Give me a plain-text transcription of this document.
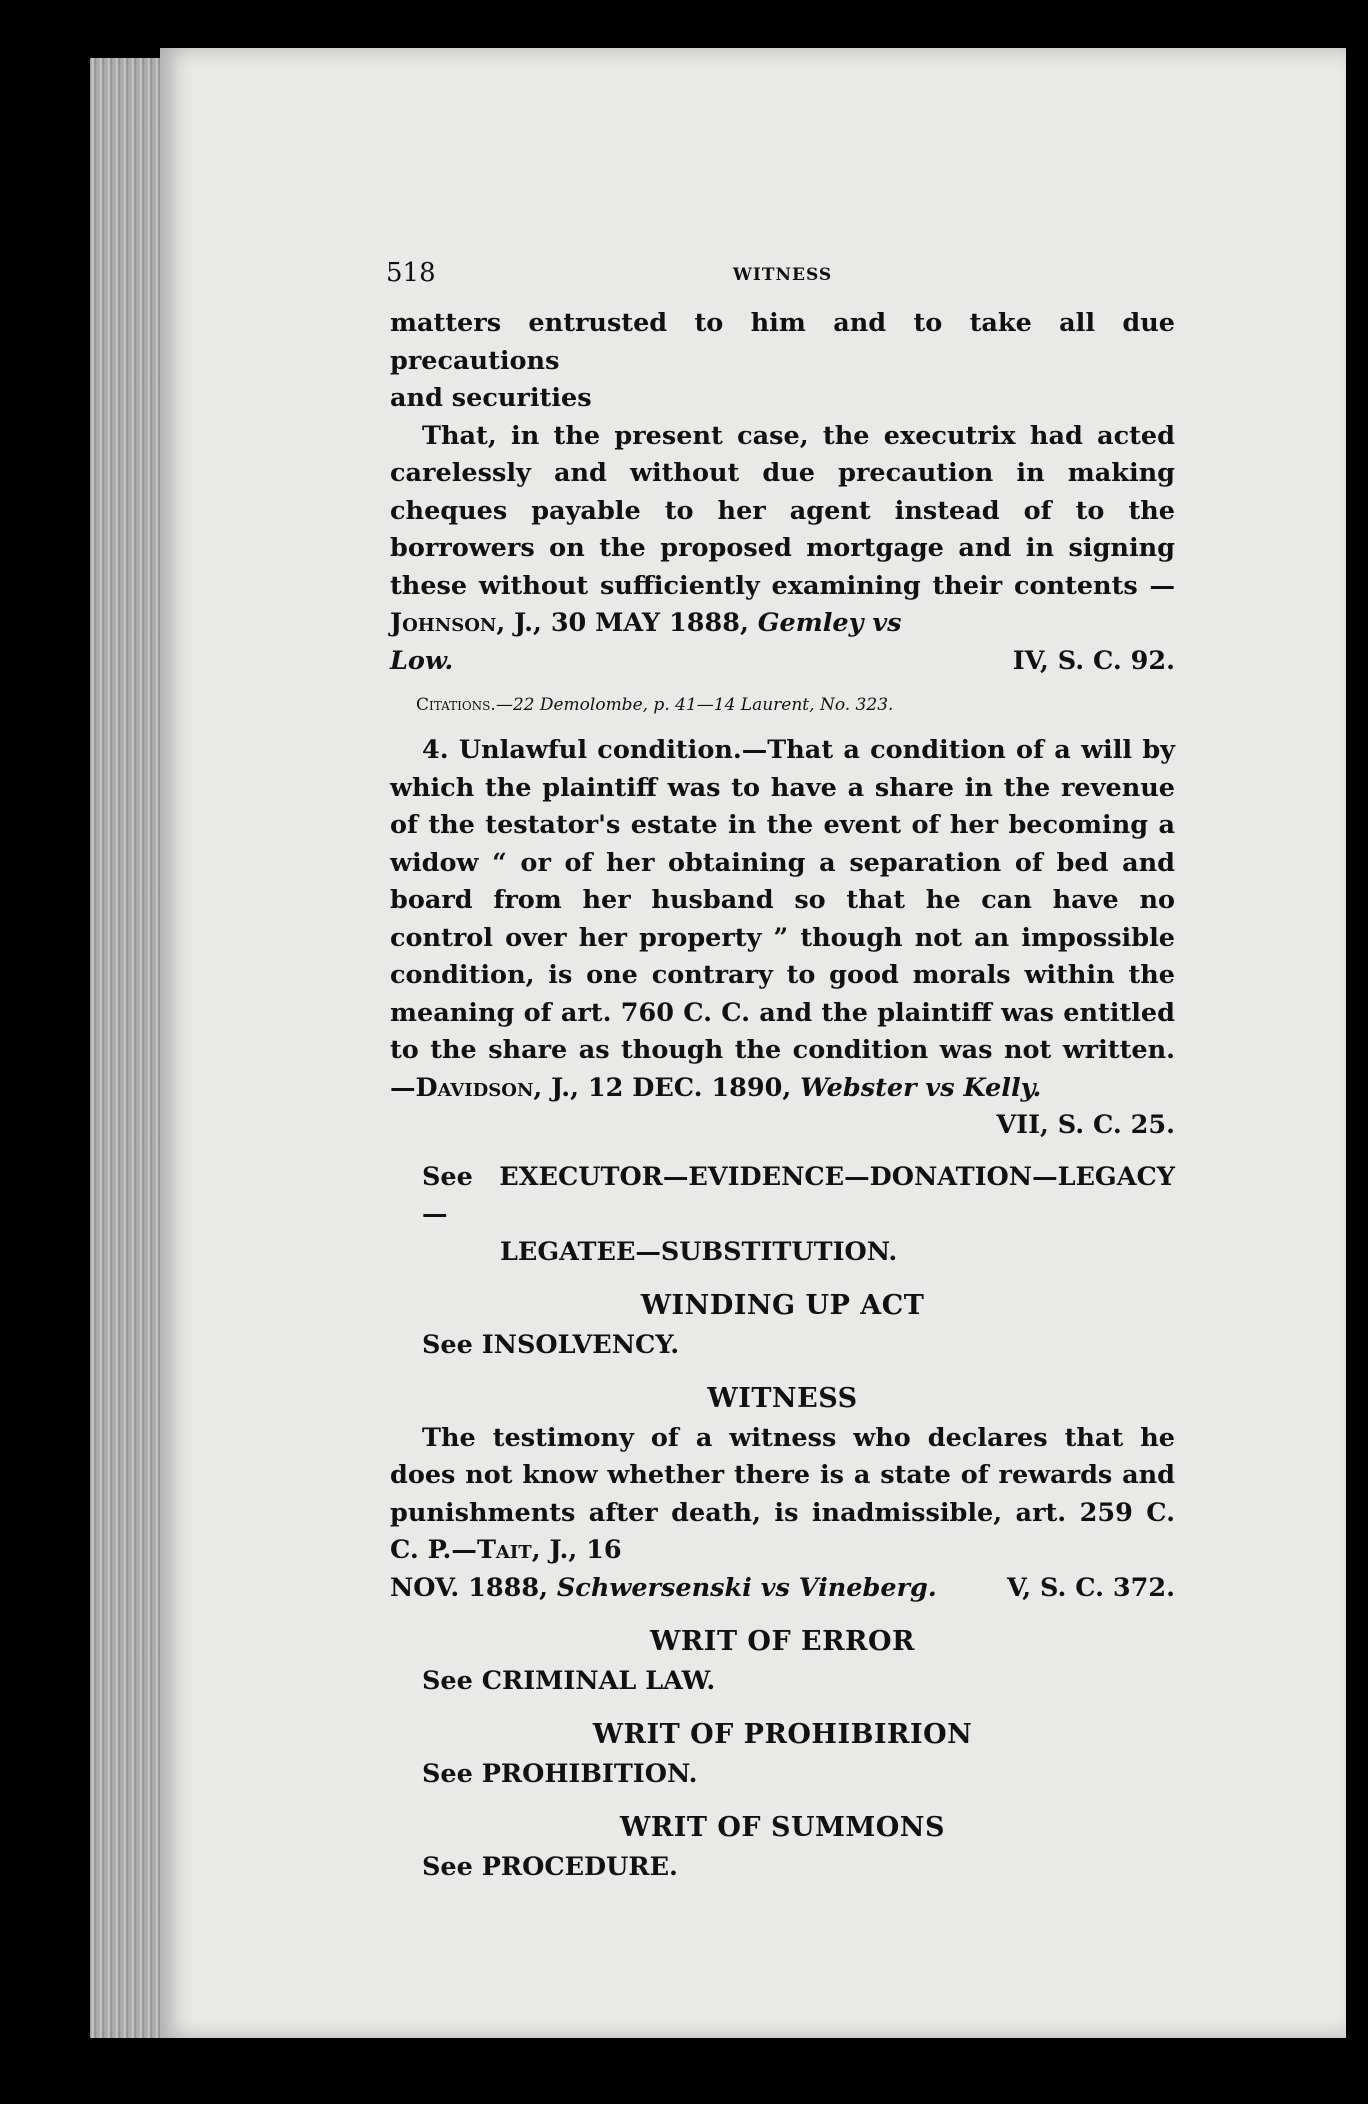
518	WITNESS

matters entrusted to him and to take all due precautions
and securities

That, in the present case, the executrix had acted carelessly and without due precaution in making cheques payable to her agent instead of to the borrowers on the proposed mortgage and in signing these without sufficiently examining their contents —Johnson, J., 30 MAY 1888, Gemley vs

Low.	IV, S. C. 92.

Citations.—22 Demolombe, p. 41—14 Laurent, No. 323.

4. Unlawful condition.—That a condition of a will by which the plaintiff was to have a share in the revenue of the testator's estate in the event of her becoming a widow “ or of her obtaining a separation of bed and board from her husband so that he can have no control over her property ” though not an impossible condition, is one contrary to good morals within the meaning of art. 760 C. C. and the plaintiff was entitled to the share as though the condition was not written.—Davidson, J., 12 DEC. 1890, Webster vs Kelly.

VII, S. C. 25.

See EXECUTOR—EVIDENCE—DONATION—LEGACY —

LEGATEE—SUBSTITUTION.

WINDING UP ACT

See INSOLVENCY.

WITNESS

The testimony of a witness who declares that he does not know whether there is a state of rewards and punishments after death, is inadmissible, art. 259 C. C. P.—Tait, J., 16

NOV. 1888, Schwersenski vs Vineberg.	V, S. C. 372.

WRIT OF ERROR

See CRIMINAL LAW.

WRIT OF PROHIBIRION

See PROHIBITION.

WRIT OF SUMMONS

See PROCEDURE.
